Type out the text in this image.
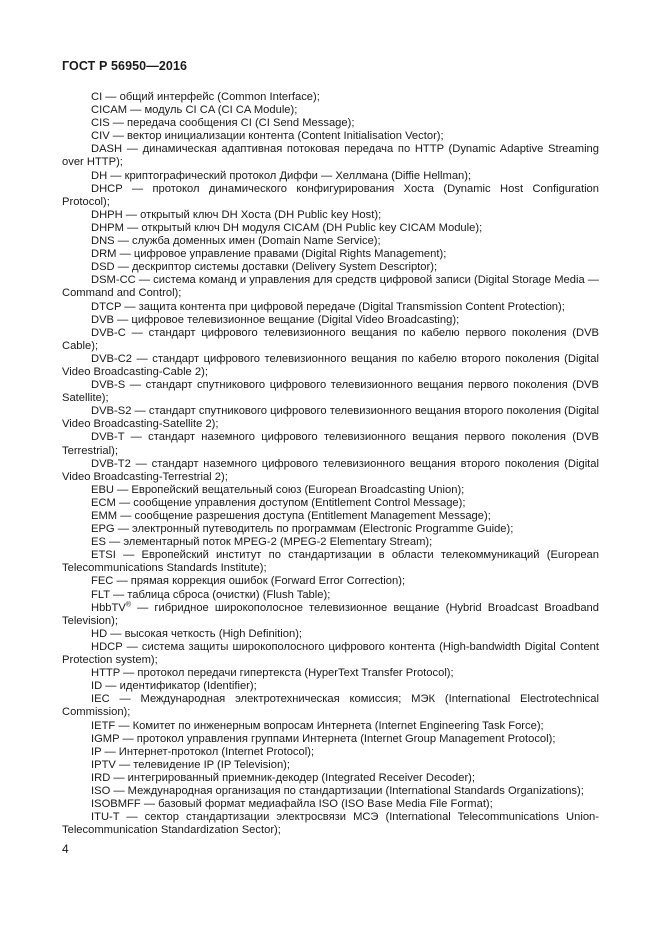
ГОСТ Р 56950—2016

CI — общий интерфейс (Common Interface);

CICAM — модуль CI CA (CI CA Module);

CIS — передача сообщения CI (CI Send Message);

CIV — вектор инициализации контента (Content Initialisation Vector);

DASH — динамическая адаптивная потоковая передача по HTTP (Dynamic Adaptive Streaming over HTTP);

DH — криптографический протокол Диффи — Хеллмана (Diffie Hellman);

DHCP — протокол динамического конфигурирования Хоста (Dynamic Host Configuration Protocol);

DHPH — открытый ключ DH Хоста (DH Public key Host);

DHPM — открытый ключ DH модуля CICAM (DH Public key CICAM Module);

DNS — служба доменных имен (Domain Name Service);

DRM — цифровое управление правами (Digital Rights Management);

DSD — дескриптор системы доставки (Delivery System Descriptor);

DSM-CC — система команд и управления для средств цифровой записи (Digital Storage Media — Command and Control);

DTCP — защита контента при цифровой передаче (Digital Transmission Content Protection);

DVB — цифровое телевизионное вещание (Digital Video Broadcasting);

DVB-C — стандарт цифрового телевизионного вещания по кабелю первого поколения (DVB Cable);

DVB-C2 — стандарт цифрового телевизионного вещания по кабелю второго поколения (Digital Video Broadcasting-Cable 2);

DVB-S — стандарт спутникового цифрового телевизионного вещания первого поколения (DVB Satellite);

DVB-S2 — стандарт спутникового цифрового телевизионного вещания второго поколения (Digital Video Broadcasting-Satellite 2);

DVB-T — стандарт наземного цифрового телевизионного вещания первого поколения (DVB Terrestrial);

DVB-T2 — стандарт наземного цифрового телевизионного вещания второго поколения (Digital Video Broadcasting-Terrestrial 2);

EBU — Европейский вещательный союз (European Broadcasting Union);

ECM — сообщение управления доступом (Entitlement Control Message);

EMM — сообщение разрешения доступа (Entitlement Management Message);

EPG — электронный путеводитель по программам (Electronic Programme Guide);

ES — элементарный поток MPEG-2 (MPEG-2 Elementary Stream);

ETSI — Европейский институт по стандартизации в области телекоммуникаций (European Telecommunications Standards Institute);

FEC — прямая коррекция ошибок (Forward Error Correction);

FLT — таблица сброса (очистки) (Flush Table);

HbbTV® — гибридное широкополосное телевизионное вещание (Hybrid Broadcast Broadband Television);

HD — высокая четкость (High Definition);

HDCP — система защиты широкополосного цифрового контента (High-bandwidth Digital Content Protection system);

HTTP — протокол передачи гипертекста (HyperText Transfer Protocol);

ID — идентификатор (Identifier);

IEC — Международная электротехническая комиссия; МЭК (International Electrotechnical Commission);

IETF — Комитет по инженерным вопросам Интернета (Internet Engineering Task Force);

IGMP — протокол управления группами Интернета (Internet Group Management Protocol);

IP — Интернет-протокол (Internet Protocol);

IPTV — телевидение IP (IP Television);

IRD — интегрированный приемник-декодер (Integrated Receiver Decoder);

ISO — Международная организация по стандартизации (International Standards Organizations);

ISOBMFF — базовый формат медиафайла ISO (ISO Base Media File Format);

ITU-T — сектор стандартизации электросвязи МСЭ (International Telecommunications Union-Telecommunication Standardization Sector);

4
